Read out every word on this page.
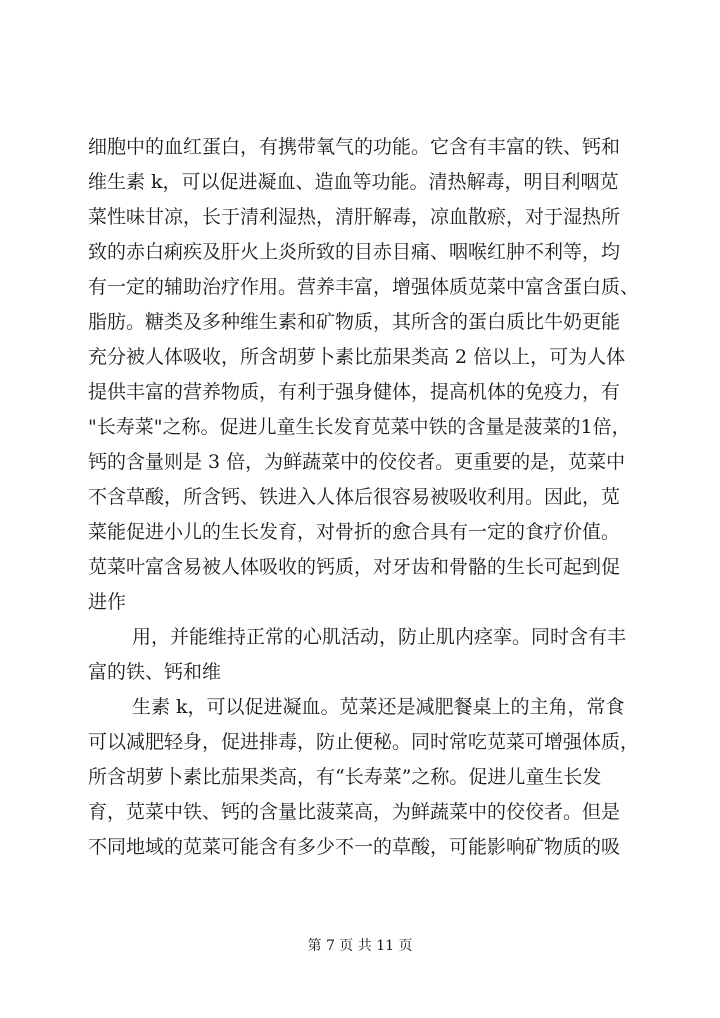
细胞中的血红蛋白，有携带氧气的功能。它含有丰富的铁、钙和
维生素 k，可以促进凝血、造血等功能。清热解毒，明目利咽苋
菜性味甘凉，长于清利湿热，清肝解毒，凉血散瘀，对于湿热所
致的赤白痢疾及肝火上炎所致的目赤目痛、咽喉红肿不利等，均
有一定的辅助治疗作用。营养丰富，增强体质苋菜中富含蛋白质、
脂肪。糖类及多种维生素和矿物质，其所含的蛋白质比牛奶更能
充分被人体吸收，所含胡萝卜素比茄果类高 2 倍以上，可为人体
提供丰富的营养物质，有利于强身健体，提高机体的免疫力，有
"长寿菜"之称。促进儿童生长发育苋菜中铁的含量是菠菜的1倍，
钙的含量则是 3 倍，为鲜蔬菜中的佼佼者。更重要的是，苋菜中
不含草酸，所含钙、铁进入人体后很容易被吸收利用。因此，苋
菜能促进小儿的生长发育，对骨折的愈合具有一定的食疗价值。
苋菜叶富含易被人体吸收的钙质，对牙齿和骨骼的生长可起到促
进作
用，并能维持正常的心肌活动，防止肌内痉挛。同时含有丰
富的铁、钙和维
生素 k，可以促进凝血。苋菜还是减肥餐桌上的主角，常食
可以减肥轻身，促进排毒，防止便秘。同时常吃苋菜可增强体质，
所含胡萝卜素比茄果类高，有“长寿菜”之称。促进儿童生长发
育，苋菜中铁、钙的含量比菠菜高，为鲜蔬菜中的佼佼者。但是
不同地域的苋菜可能含有多少不一的草酸，可能影响矿物质的吸
第 7 页 共 11 页
